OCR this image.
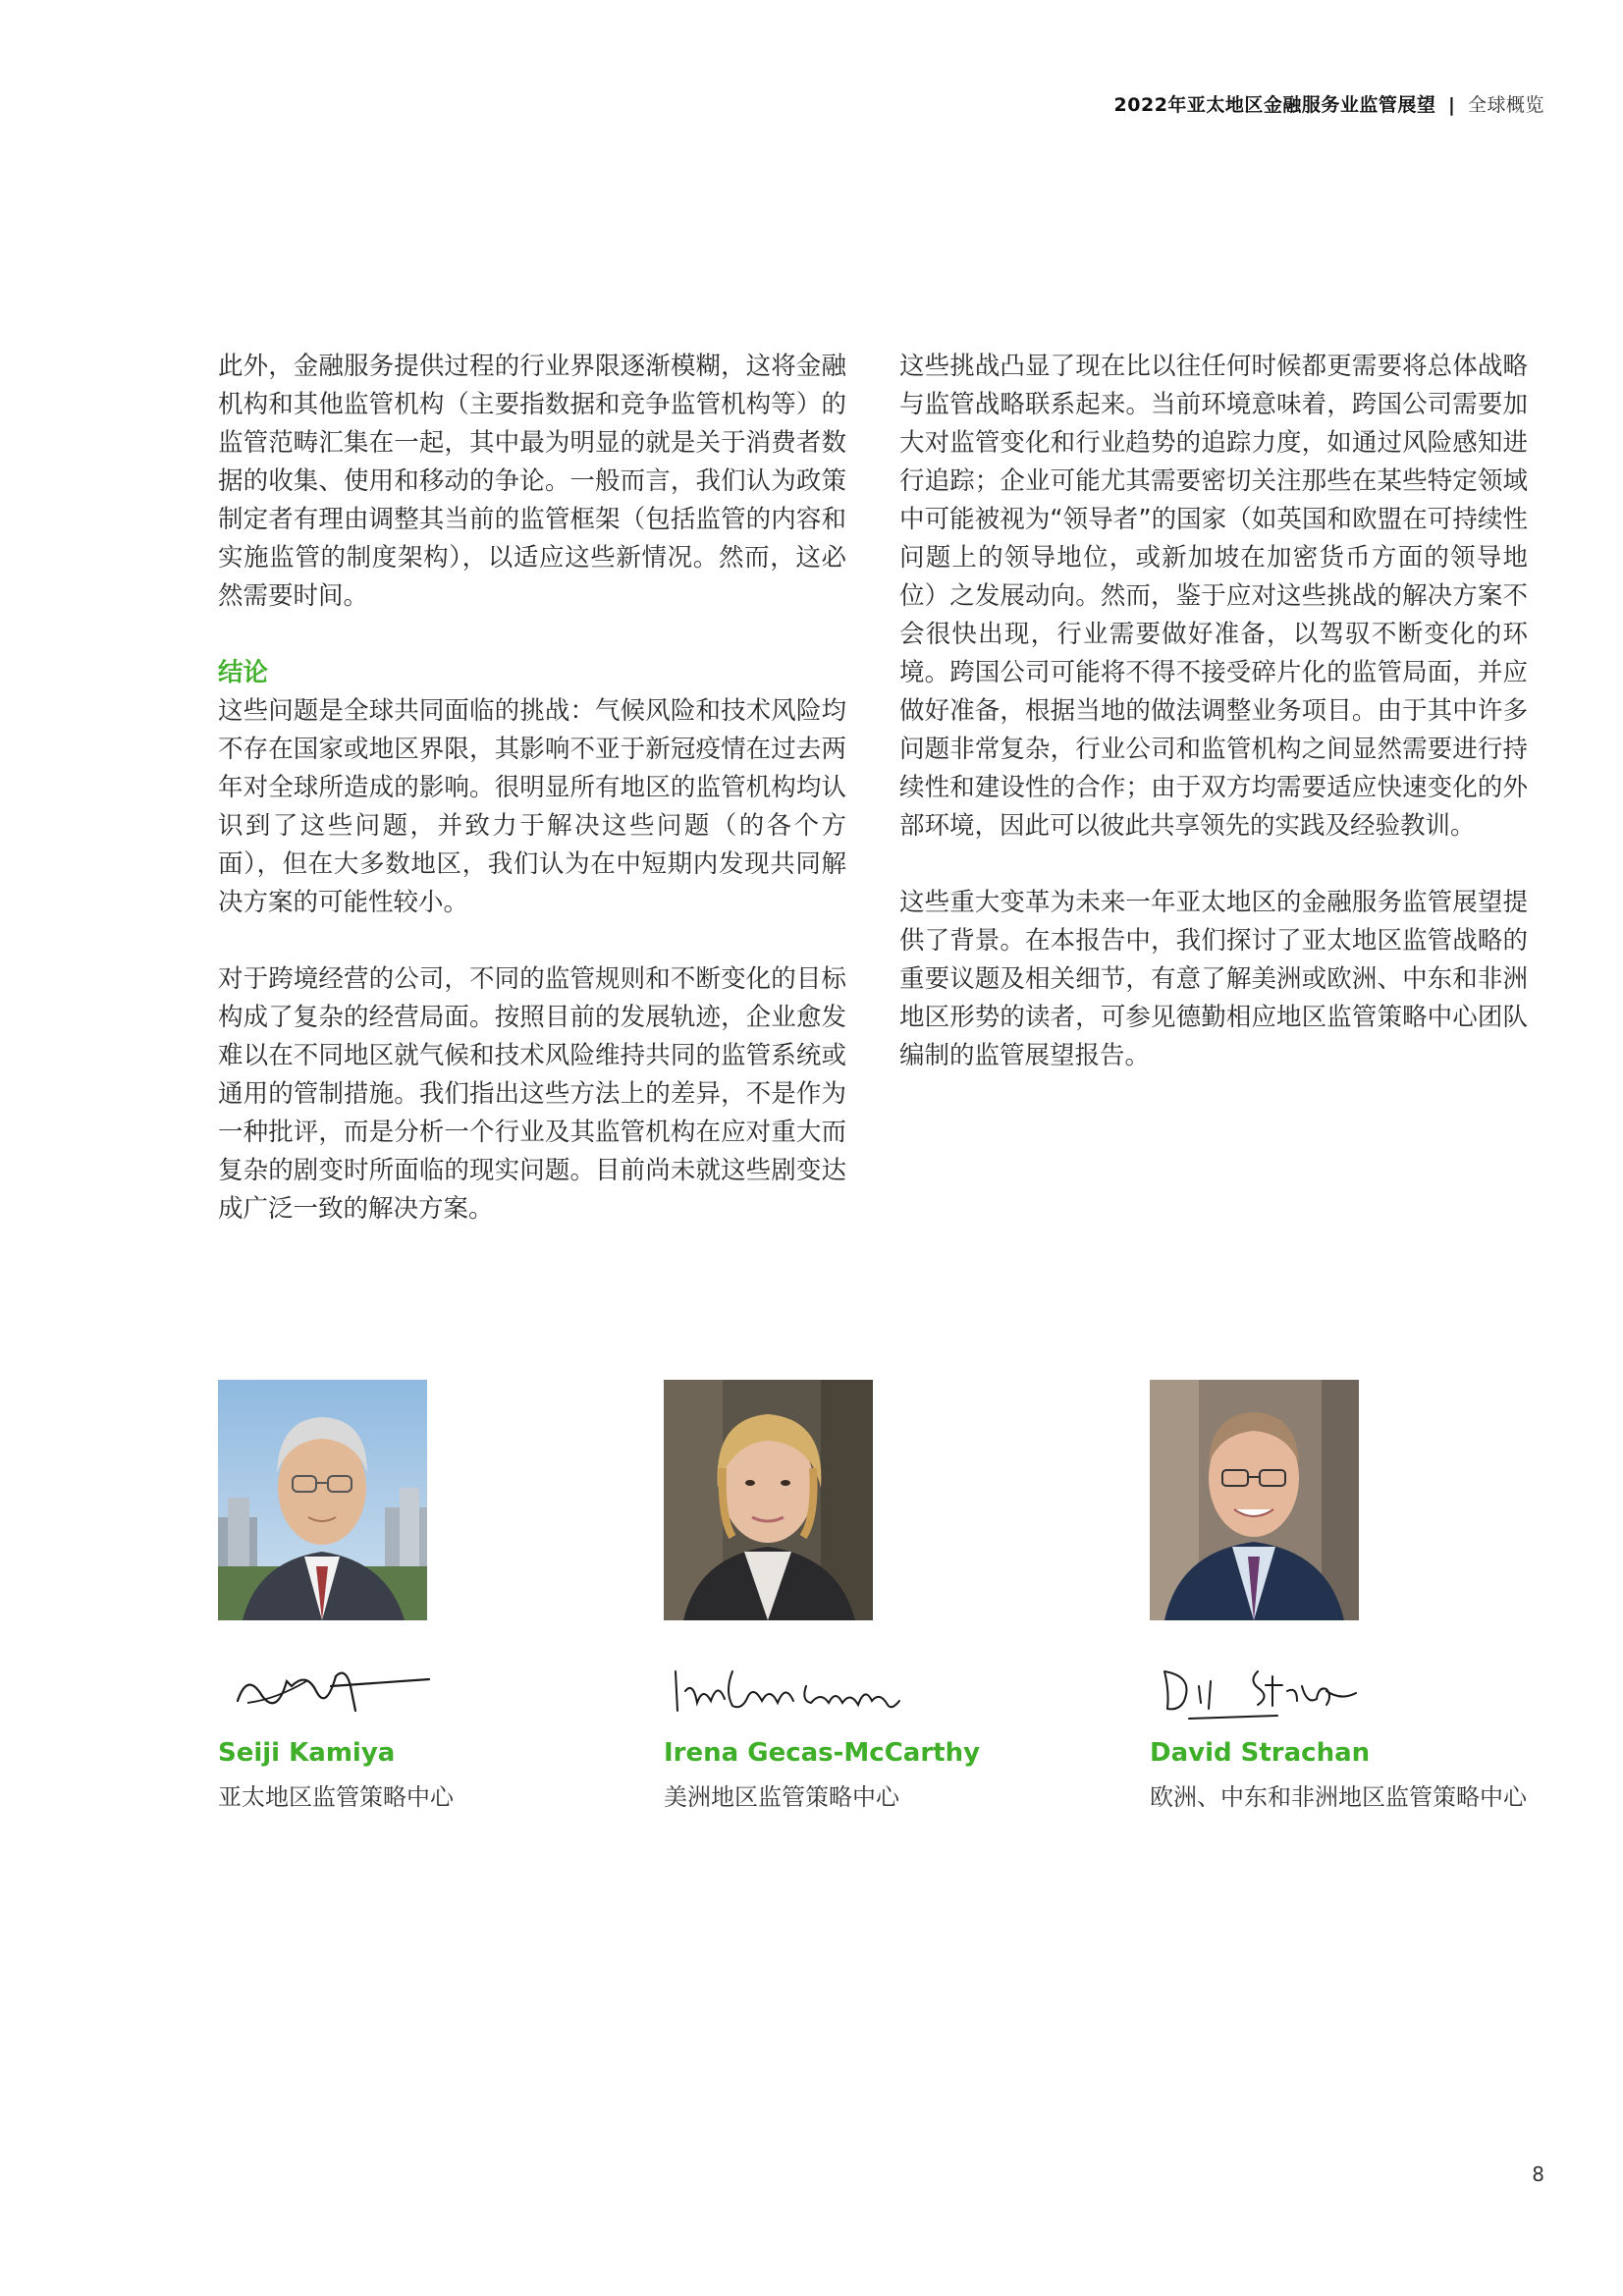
2022年亚太地区金融服务业监管展望 | 全球概览

此外，金融服务提供过程的行业界限逐渐模糊，这将金融机构和其他监管机构（主要指数据和竞争监管机构等）的监管范畴汇集在一起，其中最为明显的就是关于消费者数据的收集、使用和移动的争论。一般而言，我们认为政策制定者有理由调整其当前的监管框架（包括监管的内容和实施监管的制度架构），以适应这些新情况。然而，这必然需要时间。

结论

这些问题是全球共同面临的挑战：气候风险和技术风险均不存在国家或地区界限，其影响不亚于新冠疫情在过去两年对全球所造成的影响。很明显所有地区的监管机构均认识到了这些问题，并致力于解决这些问题（的各个方面），但在大多数地区，我们认为在中短期内发现共同解决方案的可能性较小。

对于跨境经营的公司，不同的监管规则和不断变化的目标构成了复杂的经营局面。按照目前的发展轨迹，企业愈发难以在不同地区就气候和技术风险维持共同的监管系统或通用的管制措施。我们指出这些方法上的差异，不是作为一种批评，而是分析一个行业及其监管机构在应对重大而复杂的剧变时所面临的现实问题。目前尚未就这些剧变达成广泛一致的解决方案。

这些挑战凸显了现在比以往任何时候都更需要将总体战略与监管战略联系起来。当前环境意味着，跨国公司需要加大对监管变化和行业趋势的追踪力度，如通过风险感知进行追踪；企业可能尤其需要密切关注那些在某些特定领域中可能被视为“领导者”的国家（如英国和欧盟在可持续性问题上的领导地位，或新加坡在加密货币方面的领导地位）之发展动向。然而，鉴于应对这些挑战的解决方案不会很快出现，行业需要做好准备，以驾驭不断变化的环境。跨国公司可能将不得不接受碎片化的监管局面，并应做好准备，根据当地的做法调整业务项目。由于其中许多问题非常复杂，行业公司和监管机构之间显然需要进行持续性和建设性的合作；由于双方均需要适应快速变化的外部环境，因此可以彼此共享领先的实践及经验教训。

这些重大变革为未来一年亚太地区的金融服务监管展望提供了背景。在本报告中，我们探讨了亚太地区监管战略的重要议题及相关细节，有意了解美洲或欧洲、中东和非洲地区形势的读者，可参见德勤相应地区监管策略中心团队编制的监管展望报告。

Seiji Kamiya
亚太地区监管策略中心
Irena Gecas-McCarthy
美洲地区监管策略中心
David Strachan
欧洲、中东和非洲地区监管策略中心
8
